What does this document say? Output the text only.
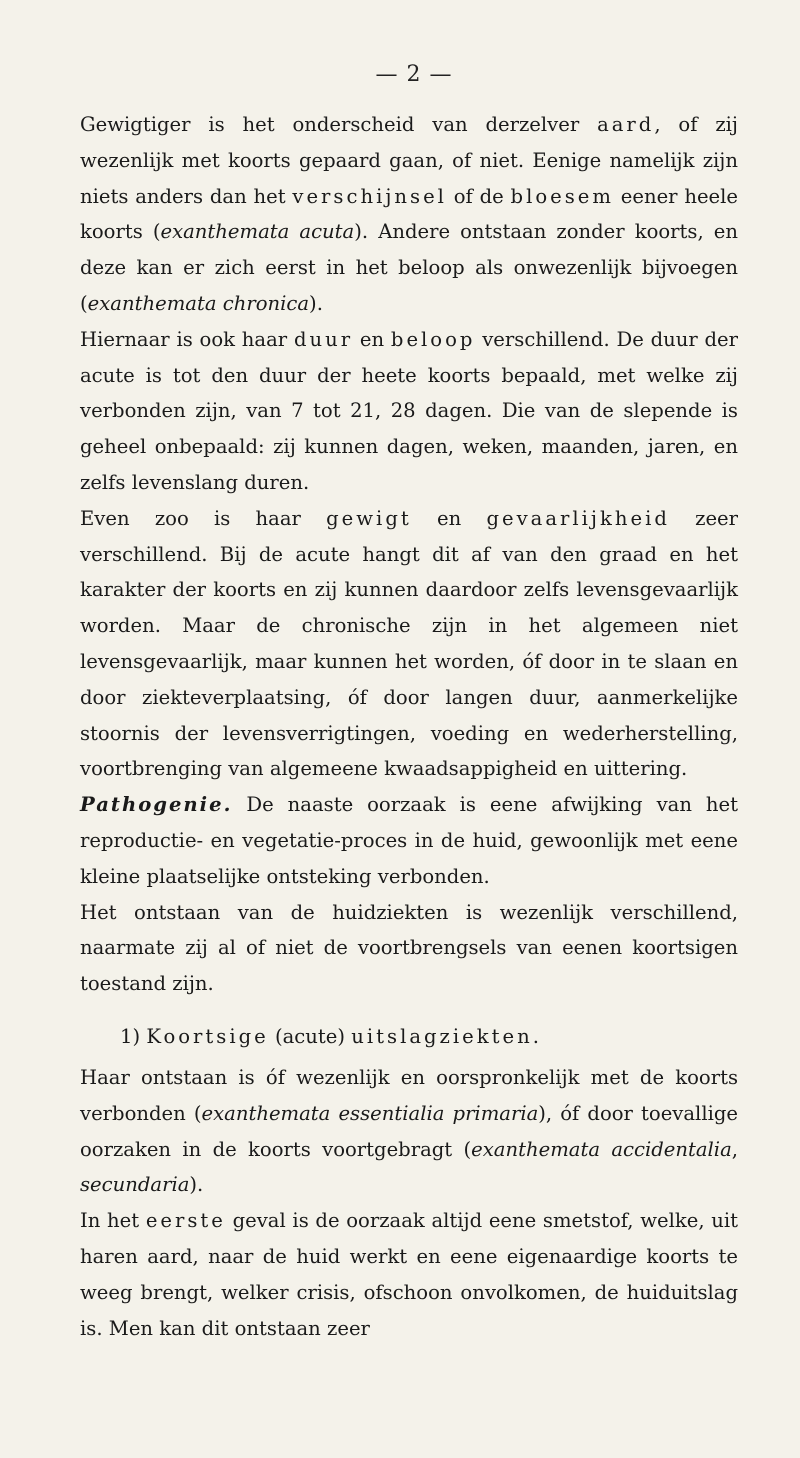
— 2 —

Gewigtiger is het onderscheid van derzelver aard, of zij wezenlijk met koorts gepaard gaan, of niet. Eenige namelijk zijn niets anders dan het verschijnsel of de bloesem eener heele koorts (exanthemata acuta). Andere ontstaan zonder koorts, en deze kan er zich eerst in het beloop als onwezenlijk bijvoegen (exanthemata chronica).

Hiernaar is ook haar duur en beloop verschillend. De duur der acute is tot den duur der heete koorts bepaald, met welke zij verbonden zijn, van 7 tot 21, 28 dagen. Die van de slepende is geheel onbepaald: zij kunnen dagen, weken, maanden, jaren, en zelfs levenslang duren.

Even zoo is haar gewigt en gevaarlijkheid zeer verschillend. Bij de acute hangt dit af van den graad en het karakter der koorts en zij kunnen daardoor zelfs levensgevaarlijk worden. Maar de chronische zijn in het algemeen niet levensgevaarlijk, maar kunnen het worden, óf door in te slaan en door ziekteverplaatsing, óf door langen duur, aanmerkelijke stoornis der levensverrigtingen, voeding en wederherstelling, voortbrenging van algemeene kwaadsappigheid en uittering.

Pathogenie. De naaste oorzaak is eene afwijking van het reproductie- en vegetatie-proces in de huid, gewoonlijk met eene kleine plaatselijke ontsteking verbonden.

Het ontstaan van de huidziekten is wezenlijk verschillend, naarmate zij al of niet de voortbrengsels van eenen koortsigen toestand zijn.

1) Koortsige (acute) uitslagziekten.

Haar ontstaan is óf wezenlijk en oorspronkelijk met de koorts verbonden (exanthemata essentialia primaria), óf door toevallige oorzaken in de koorts voortgebragt (exanthemata accidentalia, secundaria).

In het eerste geval is de oorzaak altijd eene smetstof, welke, uit haren aard, naar de huid werkt en eene eigenaardige koorts te weeg brengt, welker crisis, ofschoon onvolkomen, de huiduitslag is. Men kan dit ontstaan zeer
